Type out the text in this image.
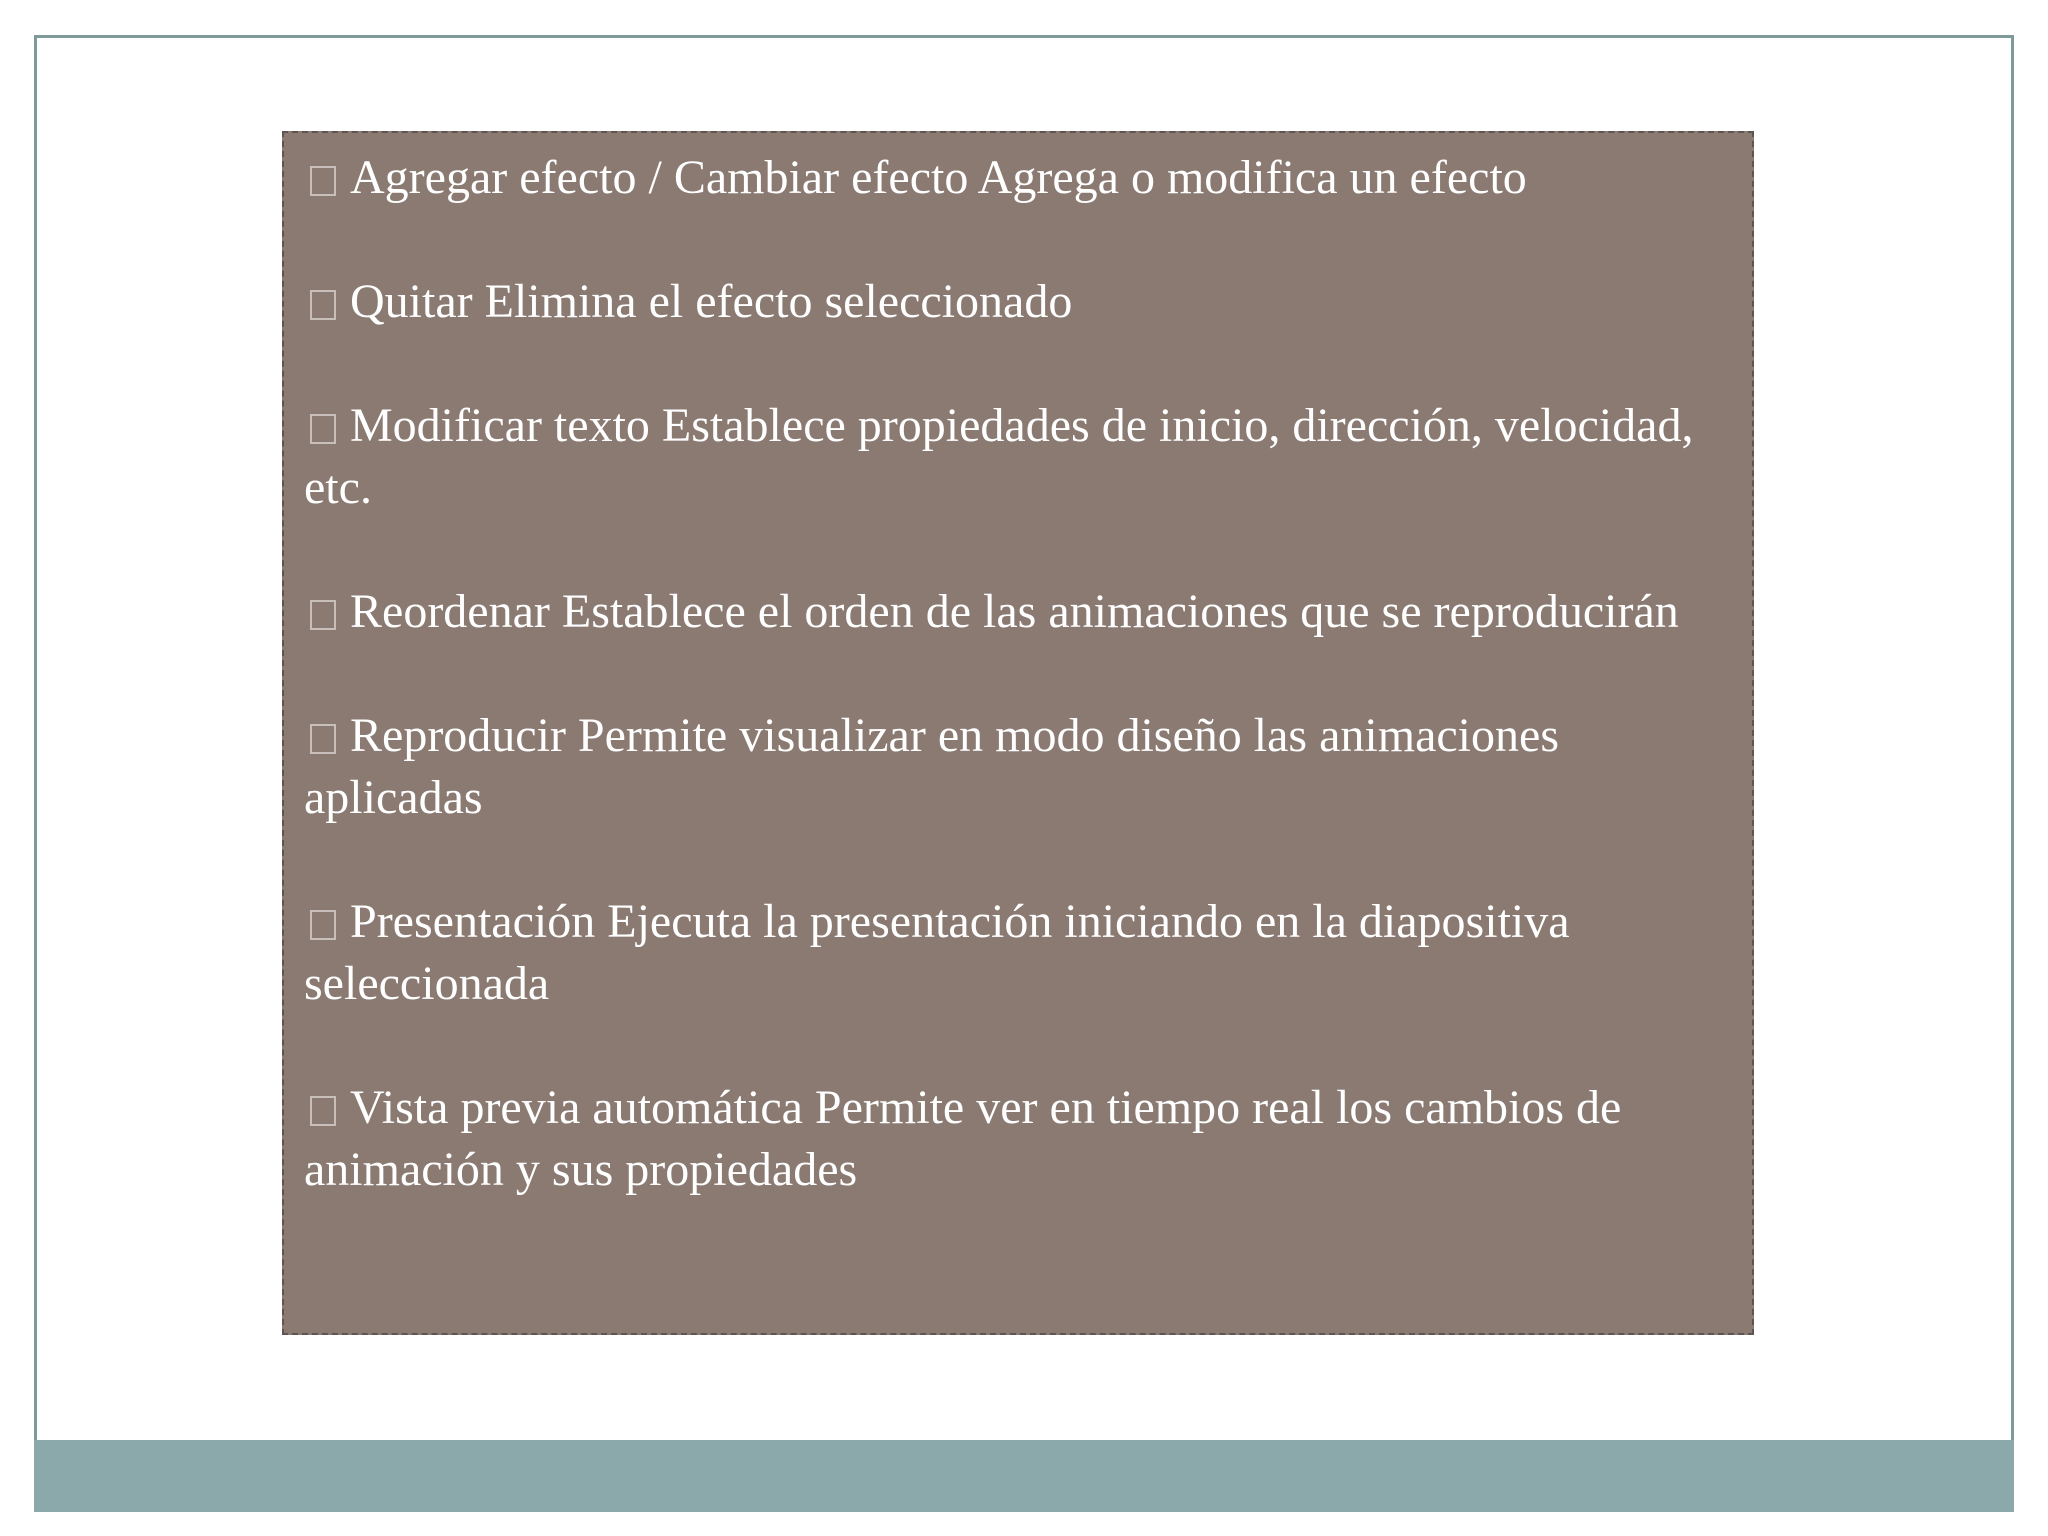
Agregar efecto / Cambiar efecto Agrega o modifica un efecto

Quitar Elimina el efecto seleccionado

Modificar texto Establece propiedades de inicio, dirección, velocidad, etc.

Reordenar Establece el orden de las animaciones que se reproducirán

Reproducir Permite visualizar en modo diseño las animaciones aplicadas

Presentación Ejecuta la presentación iniciando en la diapositiva seleccionada

Vista previa automática Permite ver en tiempo real los cambios de animación y sus propiedades
